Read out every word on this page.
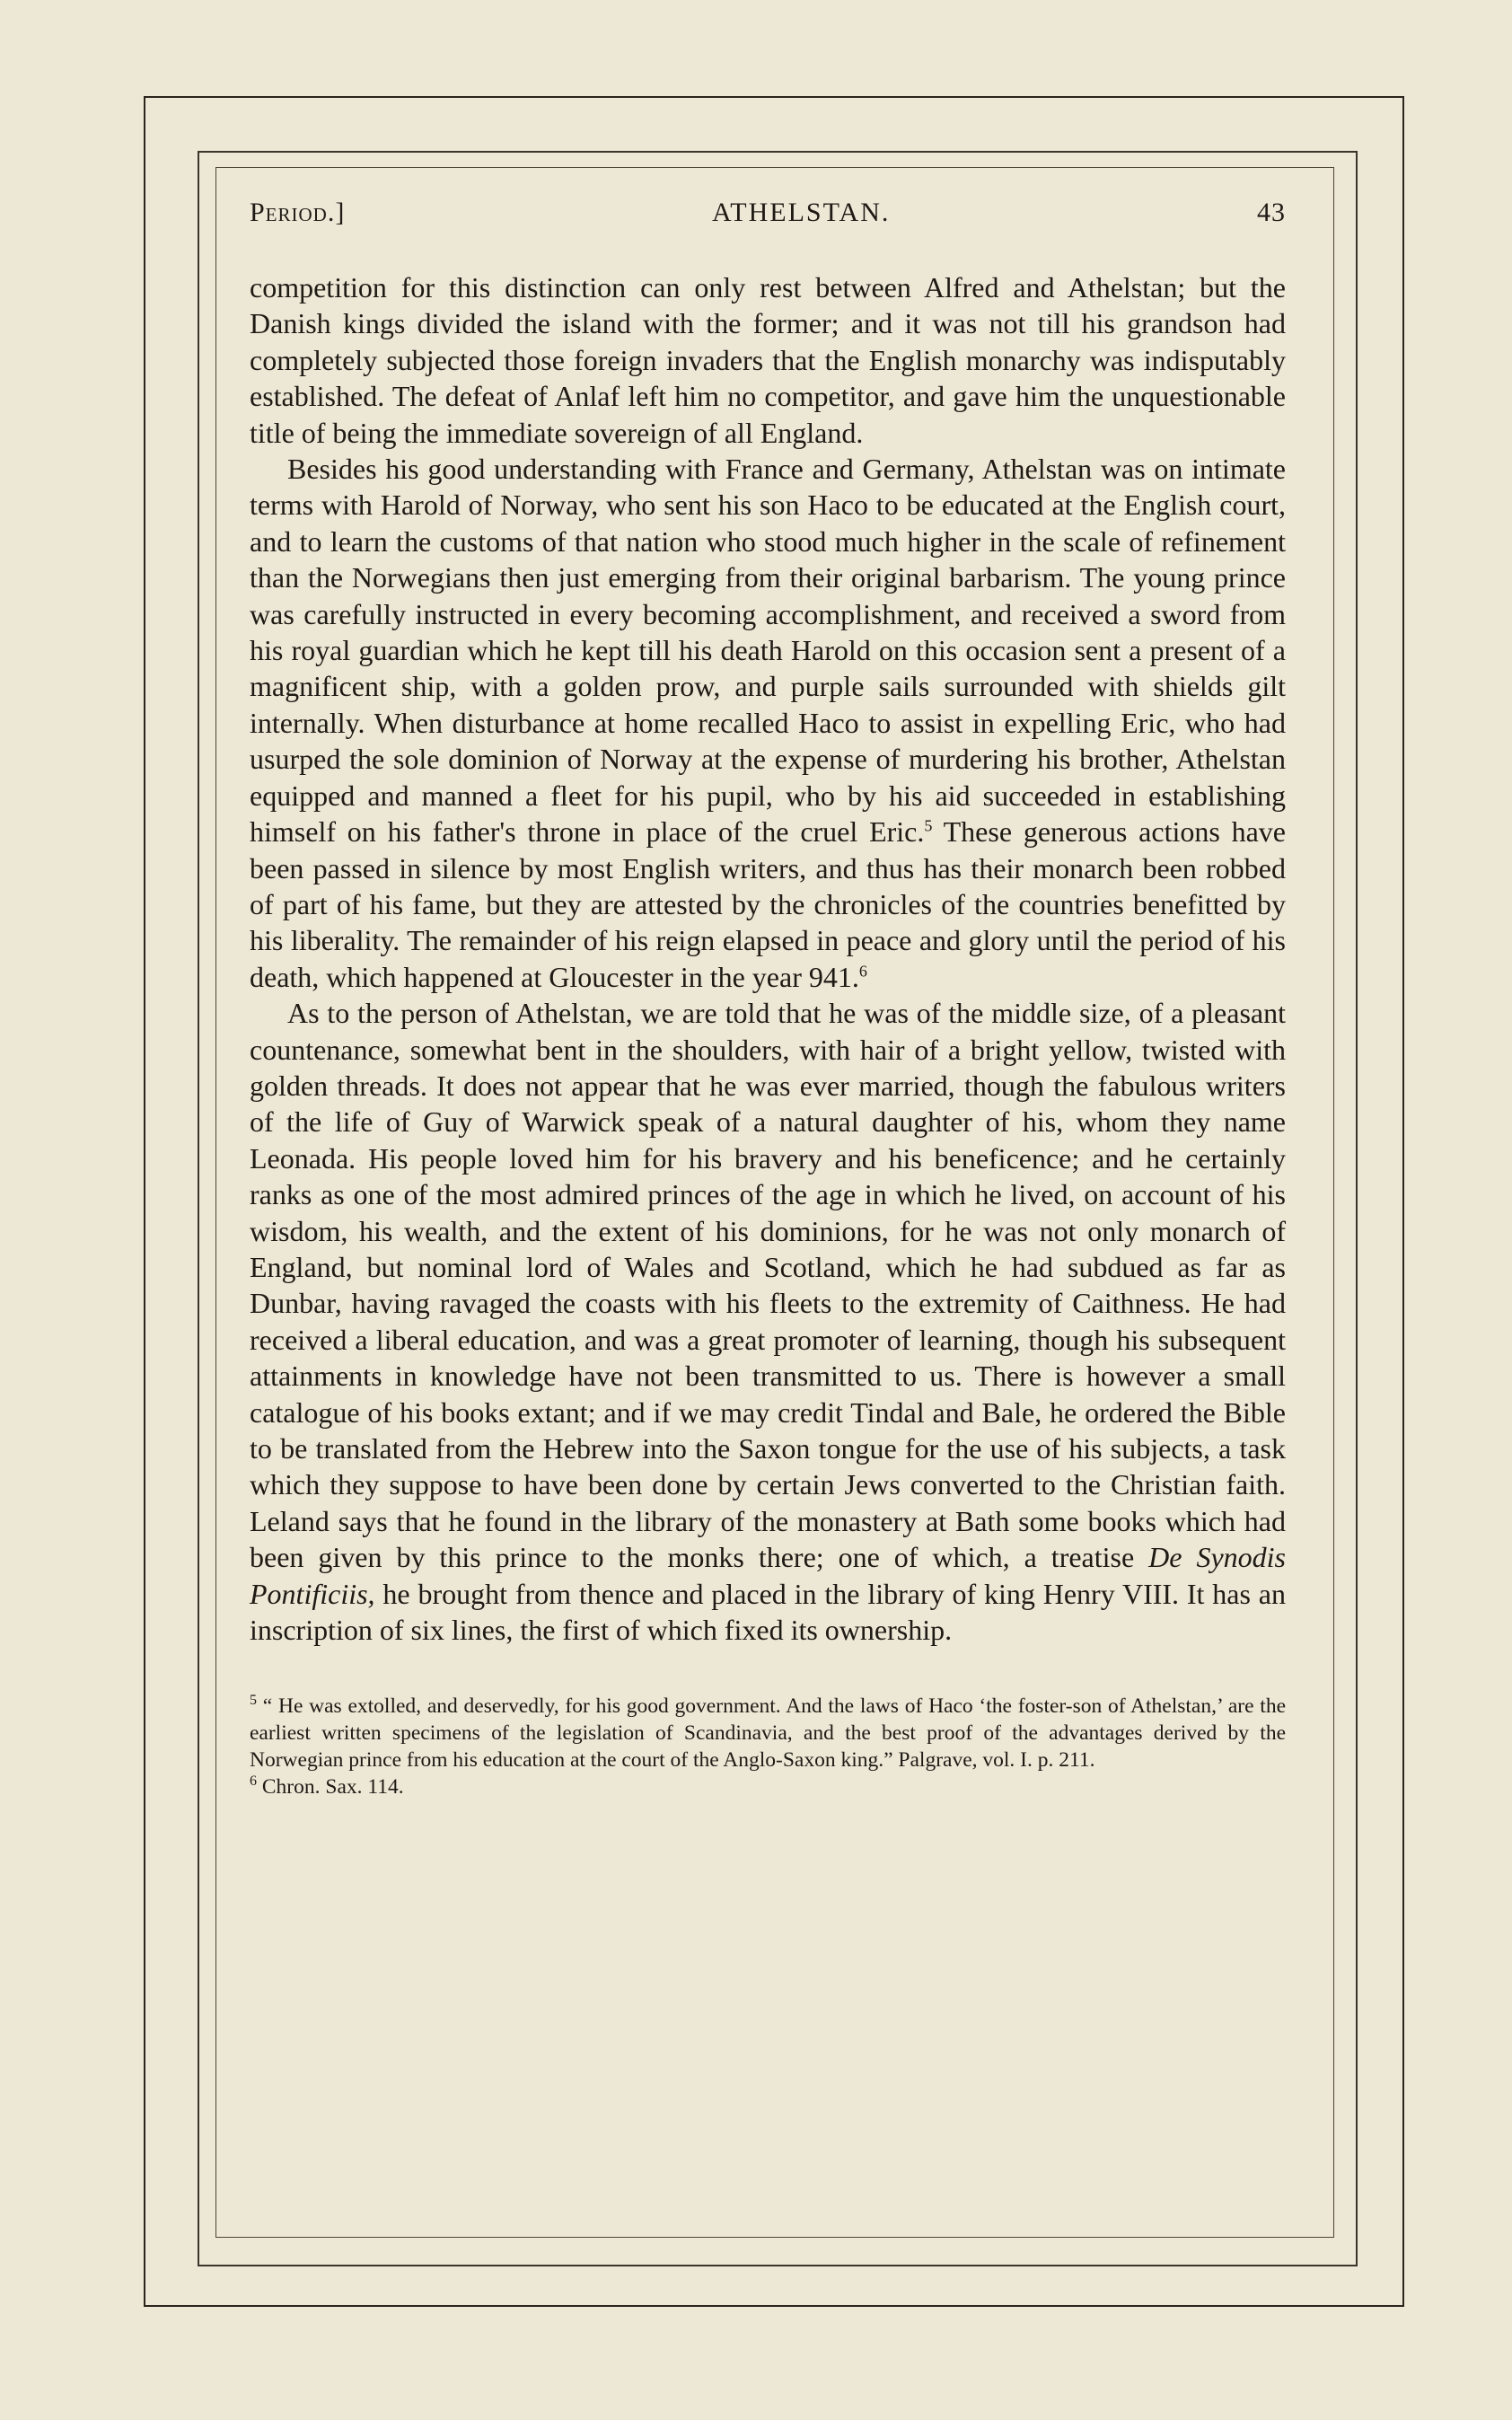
Period.]	ATHELSTAN.	43

competition for this distinction can only rest between Alfred and Athelstan; but the Danish kings divided the island with the former; and it was not till his grandson had completely subjected those foreign invaders that the English monarchy was indisputably established. The defeat of Anlaf left him no competitor, and gave him the unquestionable title of being the immediate sovereign of all England.

Besides his good understanding with France and Germany, Athelstan was on intimate terms with Harold of Norway, who sent his son Haco to be educated at the English court, and to learn the customs of that nation who stood much higher in the scale of refinement than the Norwegians then just emerging from their original barbarism. The young prince was carefully instructed in every becoming accomplishment, and received a sword from his royal guardian which he kept till his death Harold on this occasion sent a present of a magnificent ship, with a golden prow, and purple sails surrounded with shields gilt internally. When disturbance at home recalled Haco to assist in expelling Eric, who had usurped the sole dominion of Norway at the expense of murdering his brother, Athelstan equipped and manned a fleet for his pupil, who by his aid succeeded in establishing himself on his father's throne in place of the cruel Eric.$^5$ These generous actions have been passed in silence by most English writers, and thus has their monarch been robbed of part of his fame, but they are attested by the chronicles of the countries benefitted by his liberality. The remainder of his reign elapsed in peace and glory until the period of his death, which happened at Gloucester in the year 941.$^6$

As to the person of Athelstan, we are told that he was of the middle size, of a pleasant countenance, somewhat bent in the shoulders, with hair of a bright yellow, twisted with golden threads. It does not appear that he was ever married, though the fabulous writers of the life of Guy of Warwick speak of a natural daughter of his, whom they name Leonada. His people loved him for his bravery and his beneficence; and he certainly ranks as one of the most admired princes of the age in which he lived, on account of his wisdom, his wealth, and the extent of his dominions, for he was not only monarch of England, but nominal lord of Wales and Scotland, which he had subdued as far as Dunbar, having ravaged the coasts with his fleets to the extremity of Caithness. He had received a liberal education, and was a great promoter of learning, though his subsequent attainments in knowledge have not been transmitted to us. There is however a small catalogue of his books extant; and if we may credit Tindal and Bale, he ordered the Bible to be translated from the Hebrew into the Saxon tongue for the use of his subjects, a task which they suppose to have been done by certain Jews converted to the Christian faith. Leland says that he found in the library of the monastery at Bath some books which had been given by this prince to the monks there; one of which, a treatise De Synodis Pontificiis, he brought from thence and placed in the library of king Henry VIII. It has an inscription of six lines, the first of which fixed its ownership.

$^5$ “ He was extolled, and deservedly, for his good government. And the laws of Haco ‘the foster-son of Athelstan,’ are the earliest written specimens of the legislation of Scandinavia, and the best proof of the advantages derived by the Norwegian prince from his education at the court of the Anglo-Saxon king.” Palgrave, vol. I. p. 211.

$^6$ Chron. Sax. 114.
